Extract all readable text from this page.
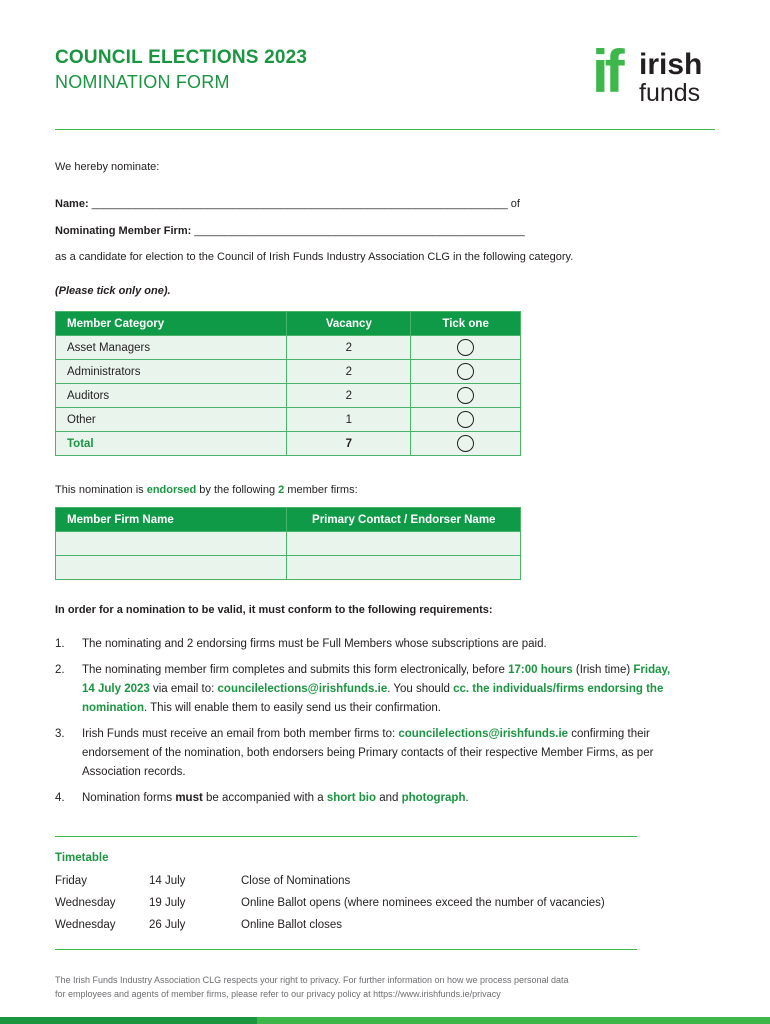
COUNCIL ELECTIONS 2023
NOMINATION FORM	if irish
funds
We hereby nominate:
Name: ____________________________________________________________________ of
Nominating Member Firm: ______________________________________________________
as a candidate for election to the Council of Irish Funds Industry Association CLG in the following category.
(Please tick only one).
Member Category	Vacancy	Tick one
Asset Managers	2	
Administrators	2	
Auditors	2	
Other	1	
Total	7	
This nomination is endorsed by the following 2 member firms:
Member Firm Name	Primary Contact / Endorser Name

In order for a nomination to be valid, it must conform to the following requirements:
1.	The nominating and 2 endorsing firms must be Full Members whose subscriptions are paid.
2.	The nominating member firm completes and submits this form electronically, before 17:00 hours (Irish time) Friday, 14 July 2023 via email to: councilelections@irishfunds.ie. You should cc. the individuals/firms endorsing the nomination. This will enable them to easily send us their confirmation.
3.	Irish Funds must receive an email from both member firms to: councilelections@irishfunds.ie confirming their endorsement of the nomination, both endorsers being Primary contacts of their respective Member Firms, as per Association records.
4.	Nomination forms must be accompanied with a short bio and photograph.
Timetable
Friday	14 July	Close of Nominations
Wednesday	19 July	Online Ballot opens (where nominees exceed the number of vacancies)
Wednesday	26 July	Online Ballot closes
The Irish Funds Industry Association CLG respects your right to privacy. For further information on how we process personal data
for employees and agents of member firms, please refer to our privacy policy at https://www.irishfunds.ie/privacy
